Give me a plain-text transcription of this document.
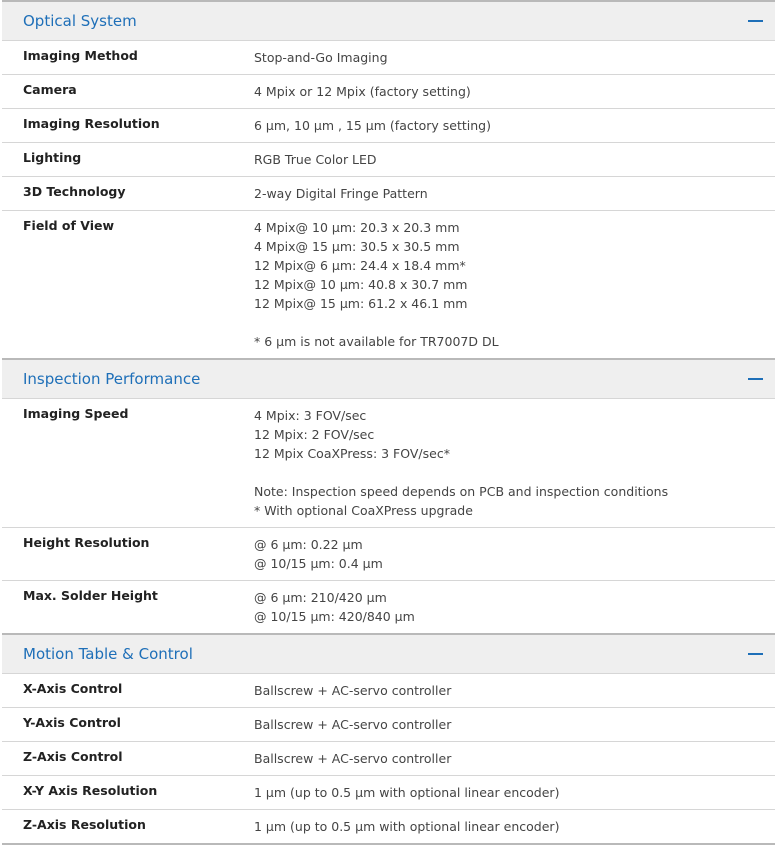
Optical System
Imaging Method	Stop-and-Go Imaging
Camera	4 Mpix or 12 Mpix (factory setting)
Imaging Resolution	6 µm, 10 µm , 15 µm (factory setting)
Lighting	RGB True Color LED
3D Technology	2-way Digital Fringe Pattern
Field of View	4 Mpix@ 10 µm: 20.3 x 20.3 mm
4 Mpix@ 15 µm: 30.5 x 30.5 mm
12 Mpix@ 6 µm: 24.4 x 18.4 mm*
12 Mpix@ 10 µm: 40.8 x 30.7 mm
12 Mpix@ 15 µm: 61.2 x 46.1 mm
* 6 µm is not available for TR7007D DL
Inspection Performance
Imaging Speed	4 Mpix: 3 FOV/sec
12 Mpix: 2 FOV/sec
12 Mpix CoaXPress: 3 FOV/sec*
Note: Inspection speed depends on PCB and inspection conditions
* With optional CoaXPress upgrade
Height Resolution	@ 6 µm: 0.22 µm
@ 10/15 µm: 0.4 µm
Max. Solder Height	@ 6 µm: 210/420 µm
@ 10/15 µm: 420/840 µm
Motion Table & Control
X-Axis Control	Ballscrew + AC-servo controller
Y-Axis Control	Ballscrew + AC-servo controller
Z-Axis Control	Ballscrew + AC-servo controller
X-Y Axis Resolution	1 µm (up to 0.5 µm with optional linear encoder)
Z-Axis Resolution	1 µm (up to 0.5 µm with optional linear encoder)
